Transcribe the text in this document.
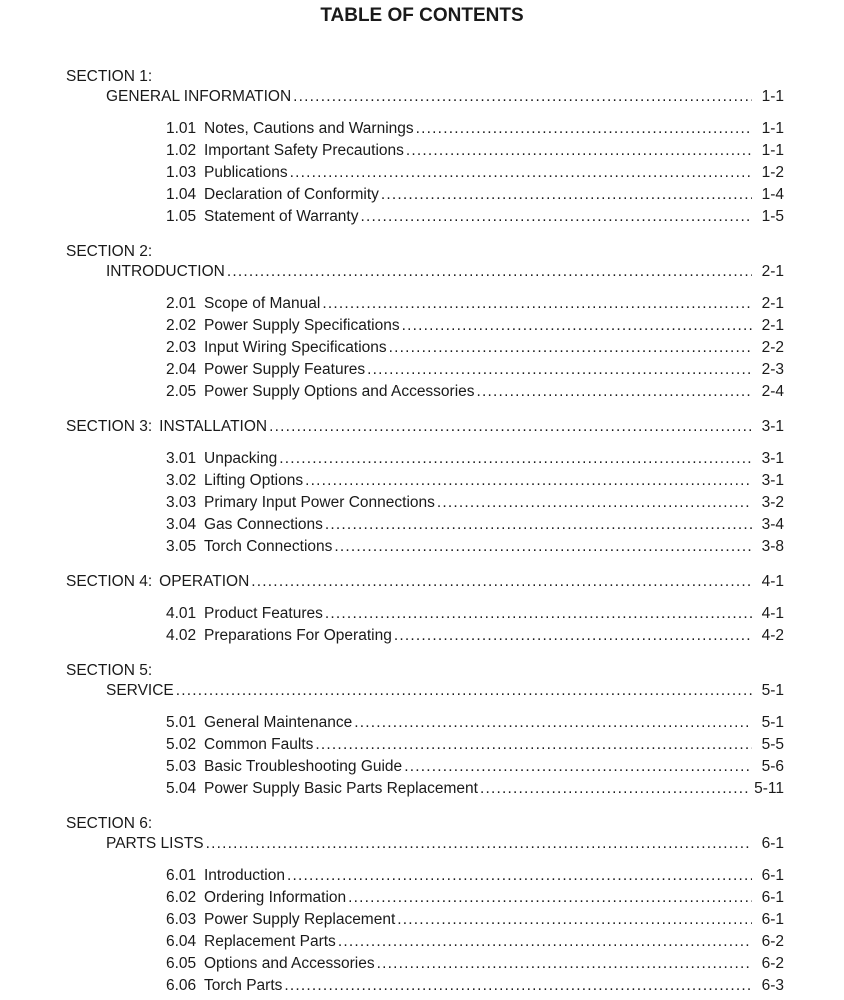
TABLE OF CONTENTS
SECTION 1:
GENERAL INFORMATION .....	1-1
1.01 Notes, Cautions and Warnings .....	1-1
1.02 Important Safety Precautions .....	1-1
1.03 Publications .....	1-2
1.04 Declaration of Conformity .....	1-4
1.05 Statement of Warranty .....	1-5
SECTION 2:
INTRODUCTION .....	2-1
2.01 Scope of Manual .....	2-1
2.02 Power Supply Specifications .....	2-1
2.03 Input Wiring Specifications .....	2-2
2.04 Power Supply Features .....	2-3
2.05 Power Supply Options and Accessories .....	2-4
SECTION 3: INSTALLATION .....	3-1
3.01 Unpacking .....	3-1
3.02 Lifting Options .....	3-1
3.03 Primary Input Power Connections .....	3-2
3.04 Gas Connections .....	3-4
3.05 Torch Connections .....	3-8
SECTION 4: OPERATION .....	4-1
4.01 Product Features .....	4-1
4.02 Preparations For Operating .....	4-2
SECTION 5:
SERVICE .....	5-1
5.01 General Maintenance .....	5-1
5.02 Common Faults .....	5-5
5.03 Basic Troubleshooting Guide .....	5-6
5.04 Power Supply Basic Parts Replacement .....	5-11
SECTION 6:
PARTS LISTS .....	6-1
6.01 Introduction .....	6-1
6.02 Ordering Information .....	6-1
6.03 Power Supply Replacement .....	6-1
6.04 Replacement Parts .....	6-2
6.05 Options and Accessories .....	6-2
6.06 Torch Parts .....	6-3
